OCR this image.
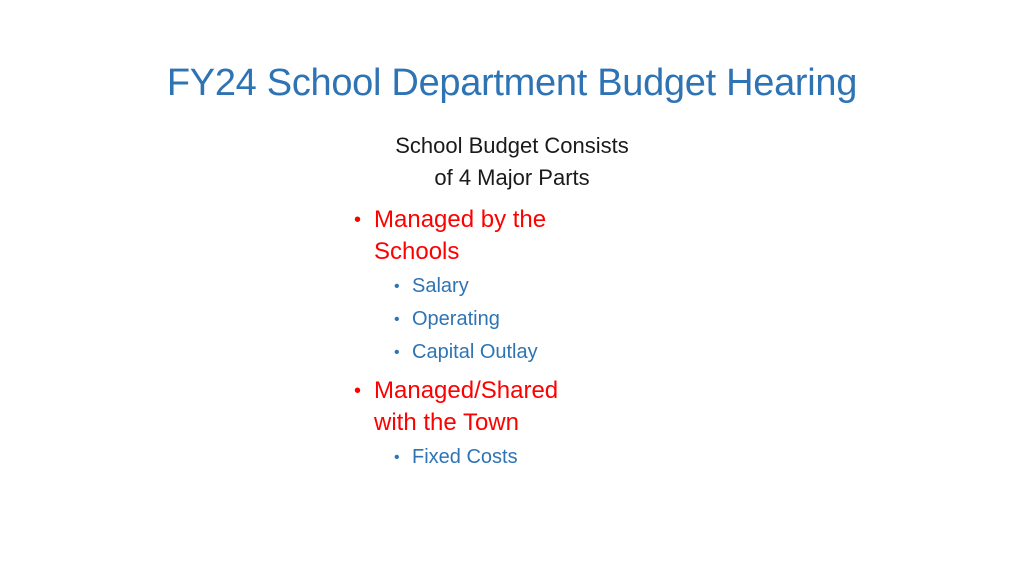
FY24 School Department Budget Hearing
School Budget Consists
of 4 Major Parts
• Managed by the Schools
• Salary
• Operating
• Capital Outlay
• Managed/Shared with the Town
• Fixed Costs
